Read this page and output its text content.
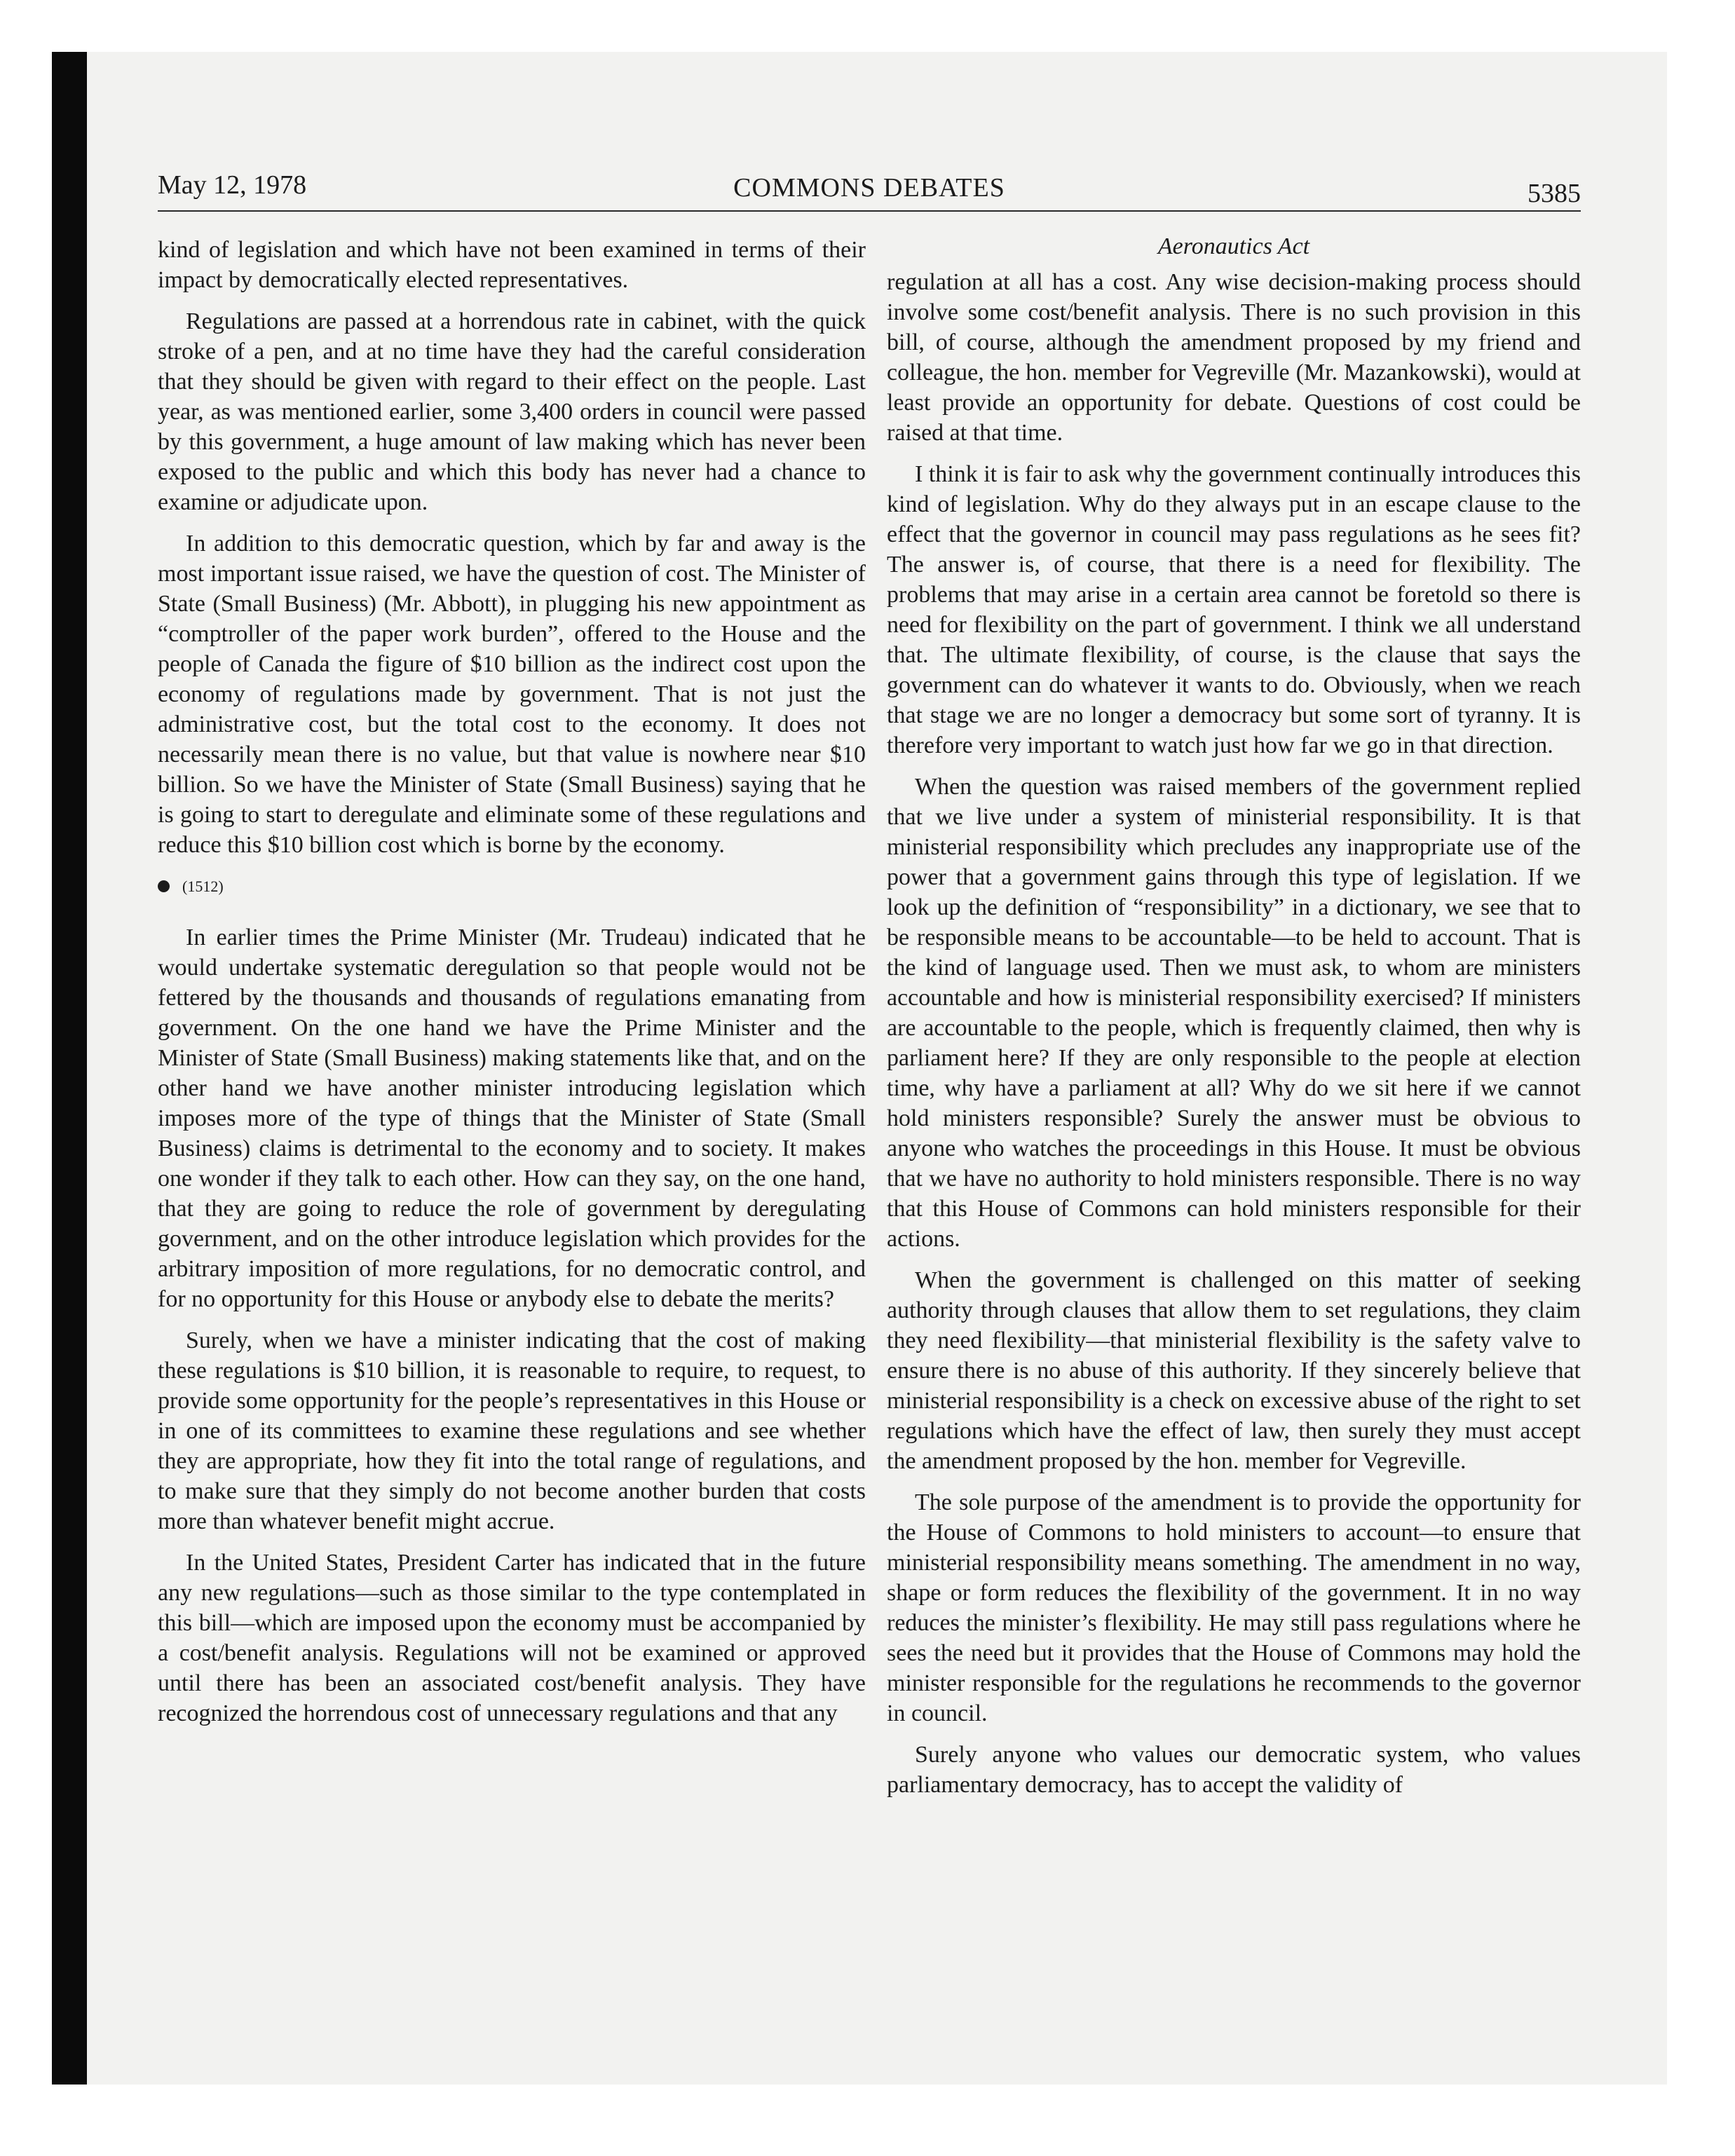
May 12, 1978	COMMONS DEBATES	5385

kind of legislation and which have not been examined in terms of their impact by democratically elected representatives.

Regulations are passed at a horrendous rate in cabinet, with the quick stroke of a pen, and at no time have they had the careful consideration that they should be given with regard to their effect on the people. Last year, as was mentioned earlier, some 3,400 orders in council were passed by this government, a huge amount of law making which has never been exposed to the public and which this body has never had a chance to examine or adjudicate upon.

In addition to this democratic question, which by far and away is the most important issue raised, we have the question of cost. The Minister of State (Small Business) (Mr. Abbott), in plugging his new appointment as “comptroller of the paper work burden”, offered to the House and the people of Canada the figure of $10 billion as the indirect cost upon the economy of regulations made by government. That is not just the administrative cost, but the total cost to the economy. It does not necessarily mean there is no value, but that value is nowhere near $10 billion. So we have the Minister of State (Small Business) saying that he is going to start to deregulate and eliminate some of these regulations and reduce this $10 billion cost which is borne by the economy.

(1512)

In earlier times the Prime Minister (Mr. Trudeau) indicated that he would undertake systematic deregulation so that people would not be fettered by the thousands and thousands of regulations emanating from government. On the one hand we have the Prime Minister and the Minister of State (Small Business) making statements like that, and on the other hand we have another minister introducing legislation which imposes more of the type of things that the Minister of State (Small Business) claims is detrimental to the economy and to society. It makes one wonder if they talk to each other. How can they say, on the one hand, that they are going to reduce the role of government by deregulating government, and on the other introduce legislation which provides for the arbitrary imposition of more regulations, for no democratic control, and for no opportunity for this House or anybody else to debate the merits?

Surely, when we have a minister indicating that the cost of making these regulations is $10 billion, it is reasonable to require, to request, to provide some opportunity for the people’s representatives in this House or in one of its committees to examine these regulations and see whether they are appropriate, how they fit into the total range of regulations, and to make sure that they simply do not become another burden that costs more than whatever benefit might accrue.

In the United States, President Carter has indicated that in the future any new regulations—such as those similar to the type contemplated in this bill—which are imposed upon the economy must be accompanied by a cost/benefit analysis. Regulations will not be examined or approved until there has been an associated cost/benefit analysis. They have recognized the horrendous cost of unnecessary regulations and that any

Aeronautics Act

regulation at all has a cost. Any wise decision-making process should involve some cost/benefit analysis. There is no such provision in this bill, of course, although the amendment proposed by my friend and colleague, the hon. member for Vegreville (Mr. Mazankowski), would at least provide an opportunity for debate. Questions of cost could be raised at that time.

I think it is fair to ask why the government continually introduces this kind of legislation. Why do they always put in an escape clause to the effect that the governor in council may pass regulations as he sees fit? The answer is, of course, that there is a need for flexibility. The problems that may arise in a certain area cannot be foretold so there is need for flexibility on the part of government. I think we all understand that. The ultimate flexibility, of course, is the clause that says the government can do whatever it wants to do. Obviously, when we reach that stage we are no longer a democracy but some sort of tyranny. It is therefore very important to watch just how far we go in that direction.

When the question was raised members of the government replied that we live under a system of ministerial responsibility. It is that ministerial responsibility which precludes any inappropriate use of the power that a government gains through this type of legislation. If we look up the definition of “responsibility” in a dictionary, we see that to be responsible means to be accountable—to be held to account. That is the kind of language used. Then we must ask, to whom are ministers accountable and how is ministerial responsibility exercised? If ministers are accountable to the people, which is frequently claimed, then why is parliament here? If they are only responsible to the people at election time, why have a parliament at all? Why do we sit here if we cannot hold ministers responsible? Surely the answer must be obvious to anyone who watches the proceedings in this House. It must be obvious that we have no authority to hold ministers responsible. There is no way that this House of Commons can hold ministers responsible for their actions.

When the government is challenged on this matter of seeking authority through clauses that allow them to set regulations, they claim they need flexibility—that ministerial flexibility is the safety valve to ensure there is no abuse of this authority. If they sincerely believe that ministerial responsibility is a check on excessive abuse of the right to set regulations which have the effect of law, then surely they must accept the amendment proposed by the hon. member for Vegreville.

The sole purpose of the amendment is to provide the opportunity for the House of Commons to hold ministers to account—to ensure that ministerial responsibility means something. The amendment in no way, shape or form reduces the flexibility of the government. It in no way reduces the minister’s flexibility. He may still pass regulations where he sees the need but it provides that the House of Commons may hold the minister responsible for the regulations he recommends to the governor in council.

Surely anyone who values our democratic system, who values parliamentary democracy, has to accept the validity of
